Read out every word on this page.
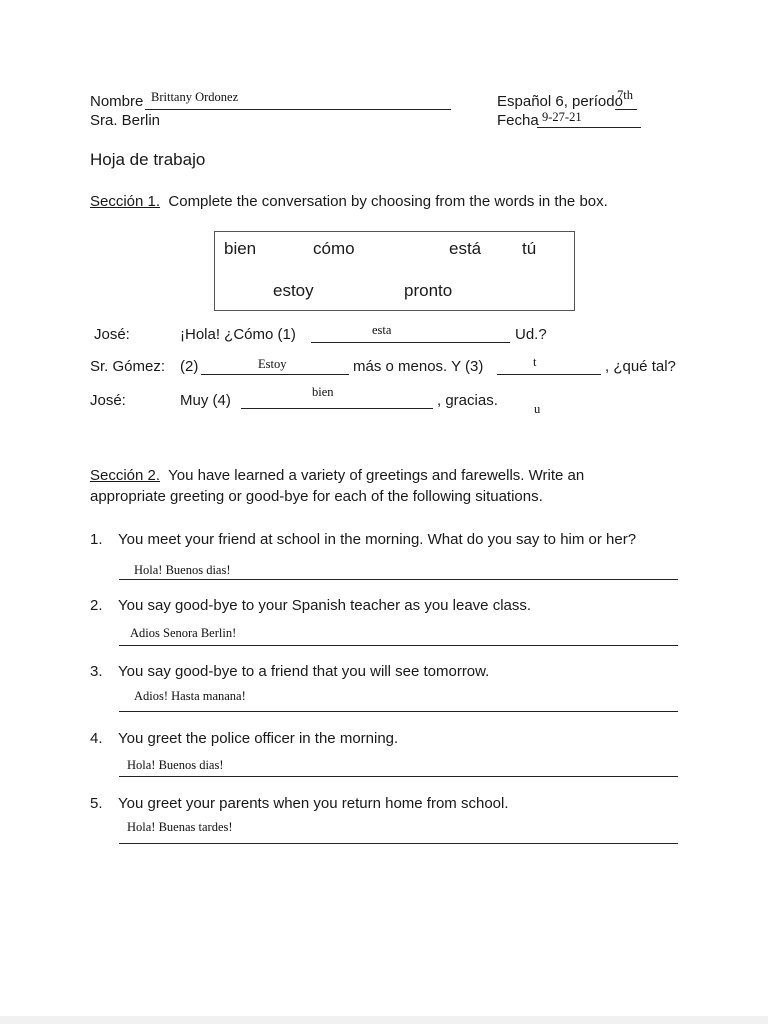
Nombre Brittany Ordonez
Sra. Berlin
Español 6, período
7th
Fecha 9-27-21
Hoja de trabajo
Sección 1. Complete the conversation by choosing from the words in the box.
bien	cómo	está tú
estoy	pronto
José:	¡Hola! ¿Cómo (1)	esta	Ud.?
Sr. Gómez: (2)	Estoy	más o menos. Y (3)	t	, ¿qué tal?
José:	Muy (4)	bien	, gracias.	u
Sección 2. You have learned a variety of greetings and farewells. Write an
appropriate greeting or good-bye for each of the following situations.
1. You meet your friend at school in the morning. What do you say to him or her?
Hola! Buenos dias!
2. You say good-bye to your Spanish teacher as you leave class.
Adios Senora Berlin!
3. You say good-bye to a friend that you will see tomorrow.
Adios! Hasta manana!
4. You greet the police officer in the morning.
Hola! Buenos dias!
5. You greet your parents when you return home from school.
Hola! Buenas tardes!
